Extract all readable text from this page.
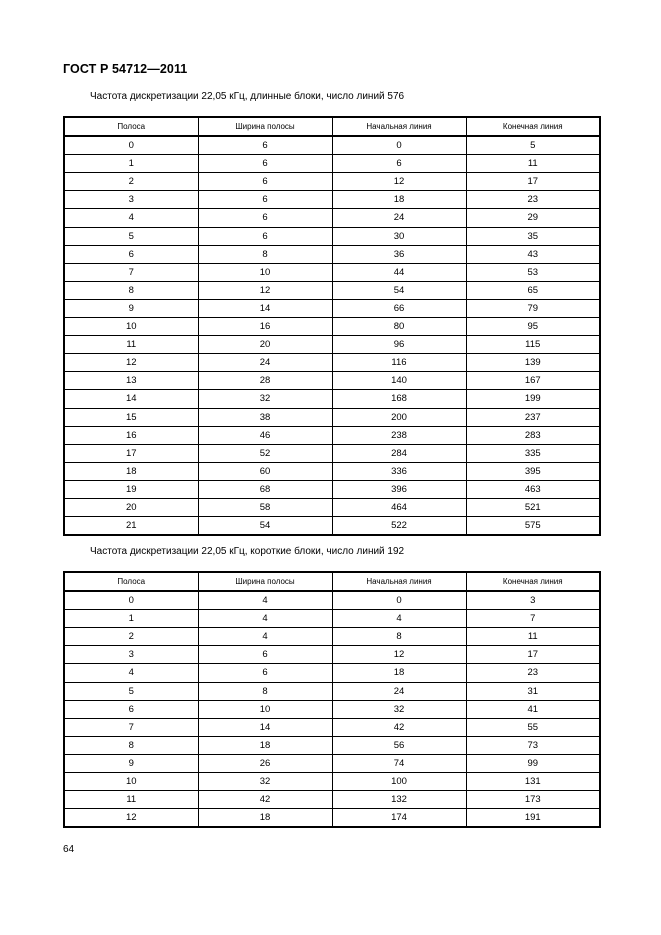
ГОСТ Р 54712—2011
Частота дискретизации 22,05 кГц, длинные блоки, число линий 576
Полоса	Ширина полосы	Начальная линия	Конечная линия
0	6	0	5
1	6	6	11
2	6	12	17
3	6	18	23
4	6	24	29
5	6	30	35
6	8	36	43
7	10	44	53
8	12	54	65
9	14	66	79
10	16	80	95
11	20	96	115
12	24	116	139
13	28	140	167
14	32	168	199
15	38	200	237
16	46	238	283
17	52	284	335
18	60	336	395
19	68	396	463
20	58	464	521
21	54	522	575
Частота дискретизации 22,05 кГц, короткие блоки, число линий 192
Полоса	Ширина полосы	Начальная линия	Конечная линия
0	4	0	3
1	4	4	7
2	4	8	11
3	6	12	17
4	6	18	23
5	8	24	31
6	10	32	41
7	14	42	55
8	18	56	73
9	26	74	99
10	32	100	131
11	42	132	173
12	18	174	191
64
